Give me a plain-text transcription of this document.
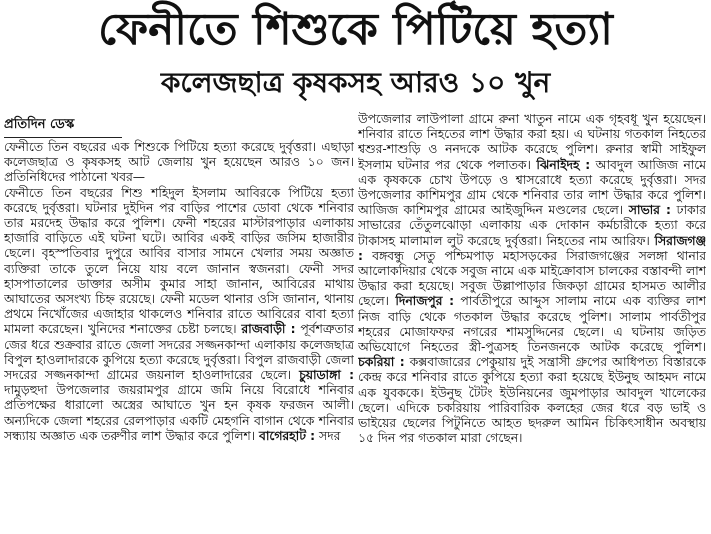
ফেনীতে শিশুকে পিটিয়ে হত্যা
কলেজছাত্র কৃষকসহ আরও ১০ খুন
প্রতিদিন ডেস্ক

ফেনীতে তিন বছরের এক শিশুকে পিটিয়ে হত্যা করেছে দুর্বৃত্তরা। এছাড়া কলেজছাত্র ও কৃষকসহ আট জেলায় খুন হয়েছেন আরও ১০ জন। প্রতিনিধিদের পাঠানো খবর—

ফেনীতে তিন বছরের শিশু শহিদুল ইসলাম আবিরকে পিটিয়ে হত্যা করেছে দুর্বৃত্তরা। ঘটনার দুইদিন পর বাড়ির পাশের ডোবা থেকে শনিবার তার মরদেহ উদ্ধার করে পুলিশ। ফেনী শহরের মাস্টারপাড়ার এলাকায় হাজারি বাড়িতে এই ঘটনা ঘটে। আবির একই বাড়ির জসিম হাজারীর ছেলে। বৃহস্পতিবার দুপুরে আবির বাসার সামনে খেলার সময় অজ্ঞাত ব্যক্তিরা তাকে তুলে নিয়ে যায় বলে জানান স্বজনরা। ফেনী সদর হাসপাতালের ডাক্তার অসীম কুমার সাহা জানান, আবিরের মাথায় আঘাতের অসংখ্য চিহ্ন রয়েছে। ফেনী মডেল থানার ওসি জানান, থানায় প্রথমে নিখোঁজের এজাহার থাকলেও শনিবার রাতে আবিরের বাবা হত্যা মামলা করেছেন। খুনিদের শনাক্তের চেষ্টা চলছে। রাজবাড়ী : পূর্বশত্রুতার জের ধরে শুক্রবার রাতে জেলা সদরের সজ্জনকান্দা এলাকায় কলেজছাত্র বিপুল হাওলাদারকে কুপিয়ে হত্যা করেছে দুর্বৃত্তরা। বিপুল রাজবাড়ী জেলা সদরের সজ্জনকান্দা গ্রামের জয়নাল হাওলাদারের ছেলে। চুয়াডাঙ্গা : দামুড়হুদা উপজেলার জয়রামপুর গ্রামে জমি নিয়ে বিরোধে শনিবার প্রতিপক্ষের ধারালো অস্ত্রের আঘাতে খুন হন কৃষক ফরজন আলী। অন্যদিকে জেলা শহরের রেলপাড়ার একটি মেহগনি বাগান থেকে শনিবার সন্ধ্যায় অজ্ঞাত এক তরুণীর লাশ উদ্ধার করে পুলিশ। বাগেরহাট : সদর

উপজেলার লাউপালা গ্রামে রুনা খাতুন নামে এক গৃহবধূ খুন হয়েছেন। শনিবার রাতে নিহতের লাশ উদ্ধার করা হয়। এ ঘটনায় গতকাল নিহতের শ্বশুর-শাশুড়ি ও ননদকে আটক করেছে পুলিশ। রুনার স্বামী সাইফুল ইসলাম ঘটনার পর থেকে পলাতক। ঝিনাইদহ : আবদুল আজিজ নামে এক কৃষককে চোখ উপড়ে ও শ্বাসরোধে হত্যা করেছে দুর্বৃত্তরা। সদর উপজেলার কাশিমপুর গ্রাম থেকে শনিবার তার লাশ উদ্ধার করে পুলিশ। আজিজ কাশিমপুর গ্রামের আইজুদ্দিন মণ্ডলের ছেলে। সাভার : ঢাকার সাভারের তেঁতুলঝোড়া এলাকায় এক দোকান কর্মচারীকে হত্যা করে টাকাসহ মালামাল লুট করেছে দুর্বৃত্তরা। নিহতের নাম আরিফ। সিরাজগঞ্জ : বঙ্গবন্ধু সেতু পশ্চিমপাড় মহাসড়কের সিরাজগঞ্জের সলঙ্গা থানার আলোকদিয়ার থেকে সবুজ নামে এক মাইক্রোবাস চালকের বস্তাবন্দী লাশ উদ্ধার করা হয়েছে। সবুজ উল্লাপাড়ার জিকড়া গ্রামের হাসমত আলীর ছেলে। দিনাজপুর : পার্বতীপুরে আব্দুস সালাম নামে এক ব্যক্তির লাশ নিজ বাড়ি থেকে গতকাল উদ্ধার করেছে পুলিশ। সালাম পার্বতীপুর শহরের মোজাফফর নগরের শামসুদ্দিনের ছেলে। এ ঘটনায় জড়িত অভিযোগে নিহতের স্ত্রী-পুত্রসহ তিনজনকে আটক করেছে পুলিশ। চকরিয়া : কক্সবাজারের পেকুয়ায় দুই সন্ত্রাসী গ্রুপের আধিপত্য বিস্তারকে কেন্দ্র করে শনিবার রাতে কুপিয়ে হত্যা করা হয়েছে ইউনুছ আহমদ নামে এক যুবককে। ইউনুছ টৈটং ইউনিয়নের জুমপাড়ার আবদুল খালেকের ছেলে। এদিকে চকরিয়ায় পারিবারিক কলহের জের ধরে বড় ভাই ও ভাইয়ের ছেলের পিটুনিতে আহত ছদরুল আমিন চিকিৎসাধীন অবস্থায় ১৫ দিন পর গতকাল মারা গেছেন।
